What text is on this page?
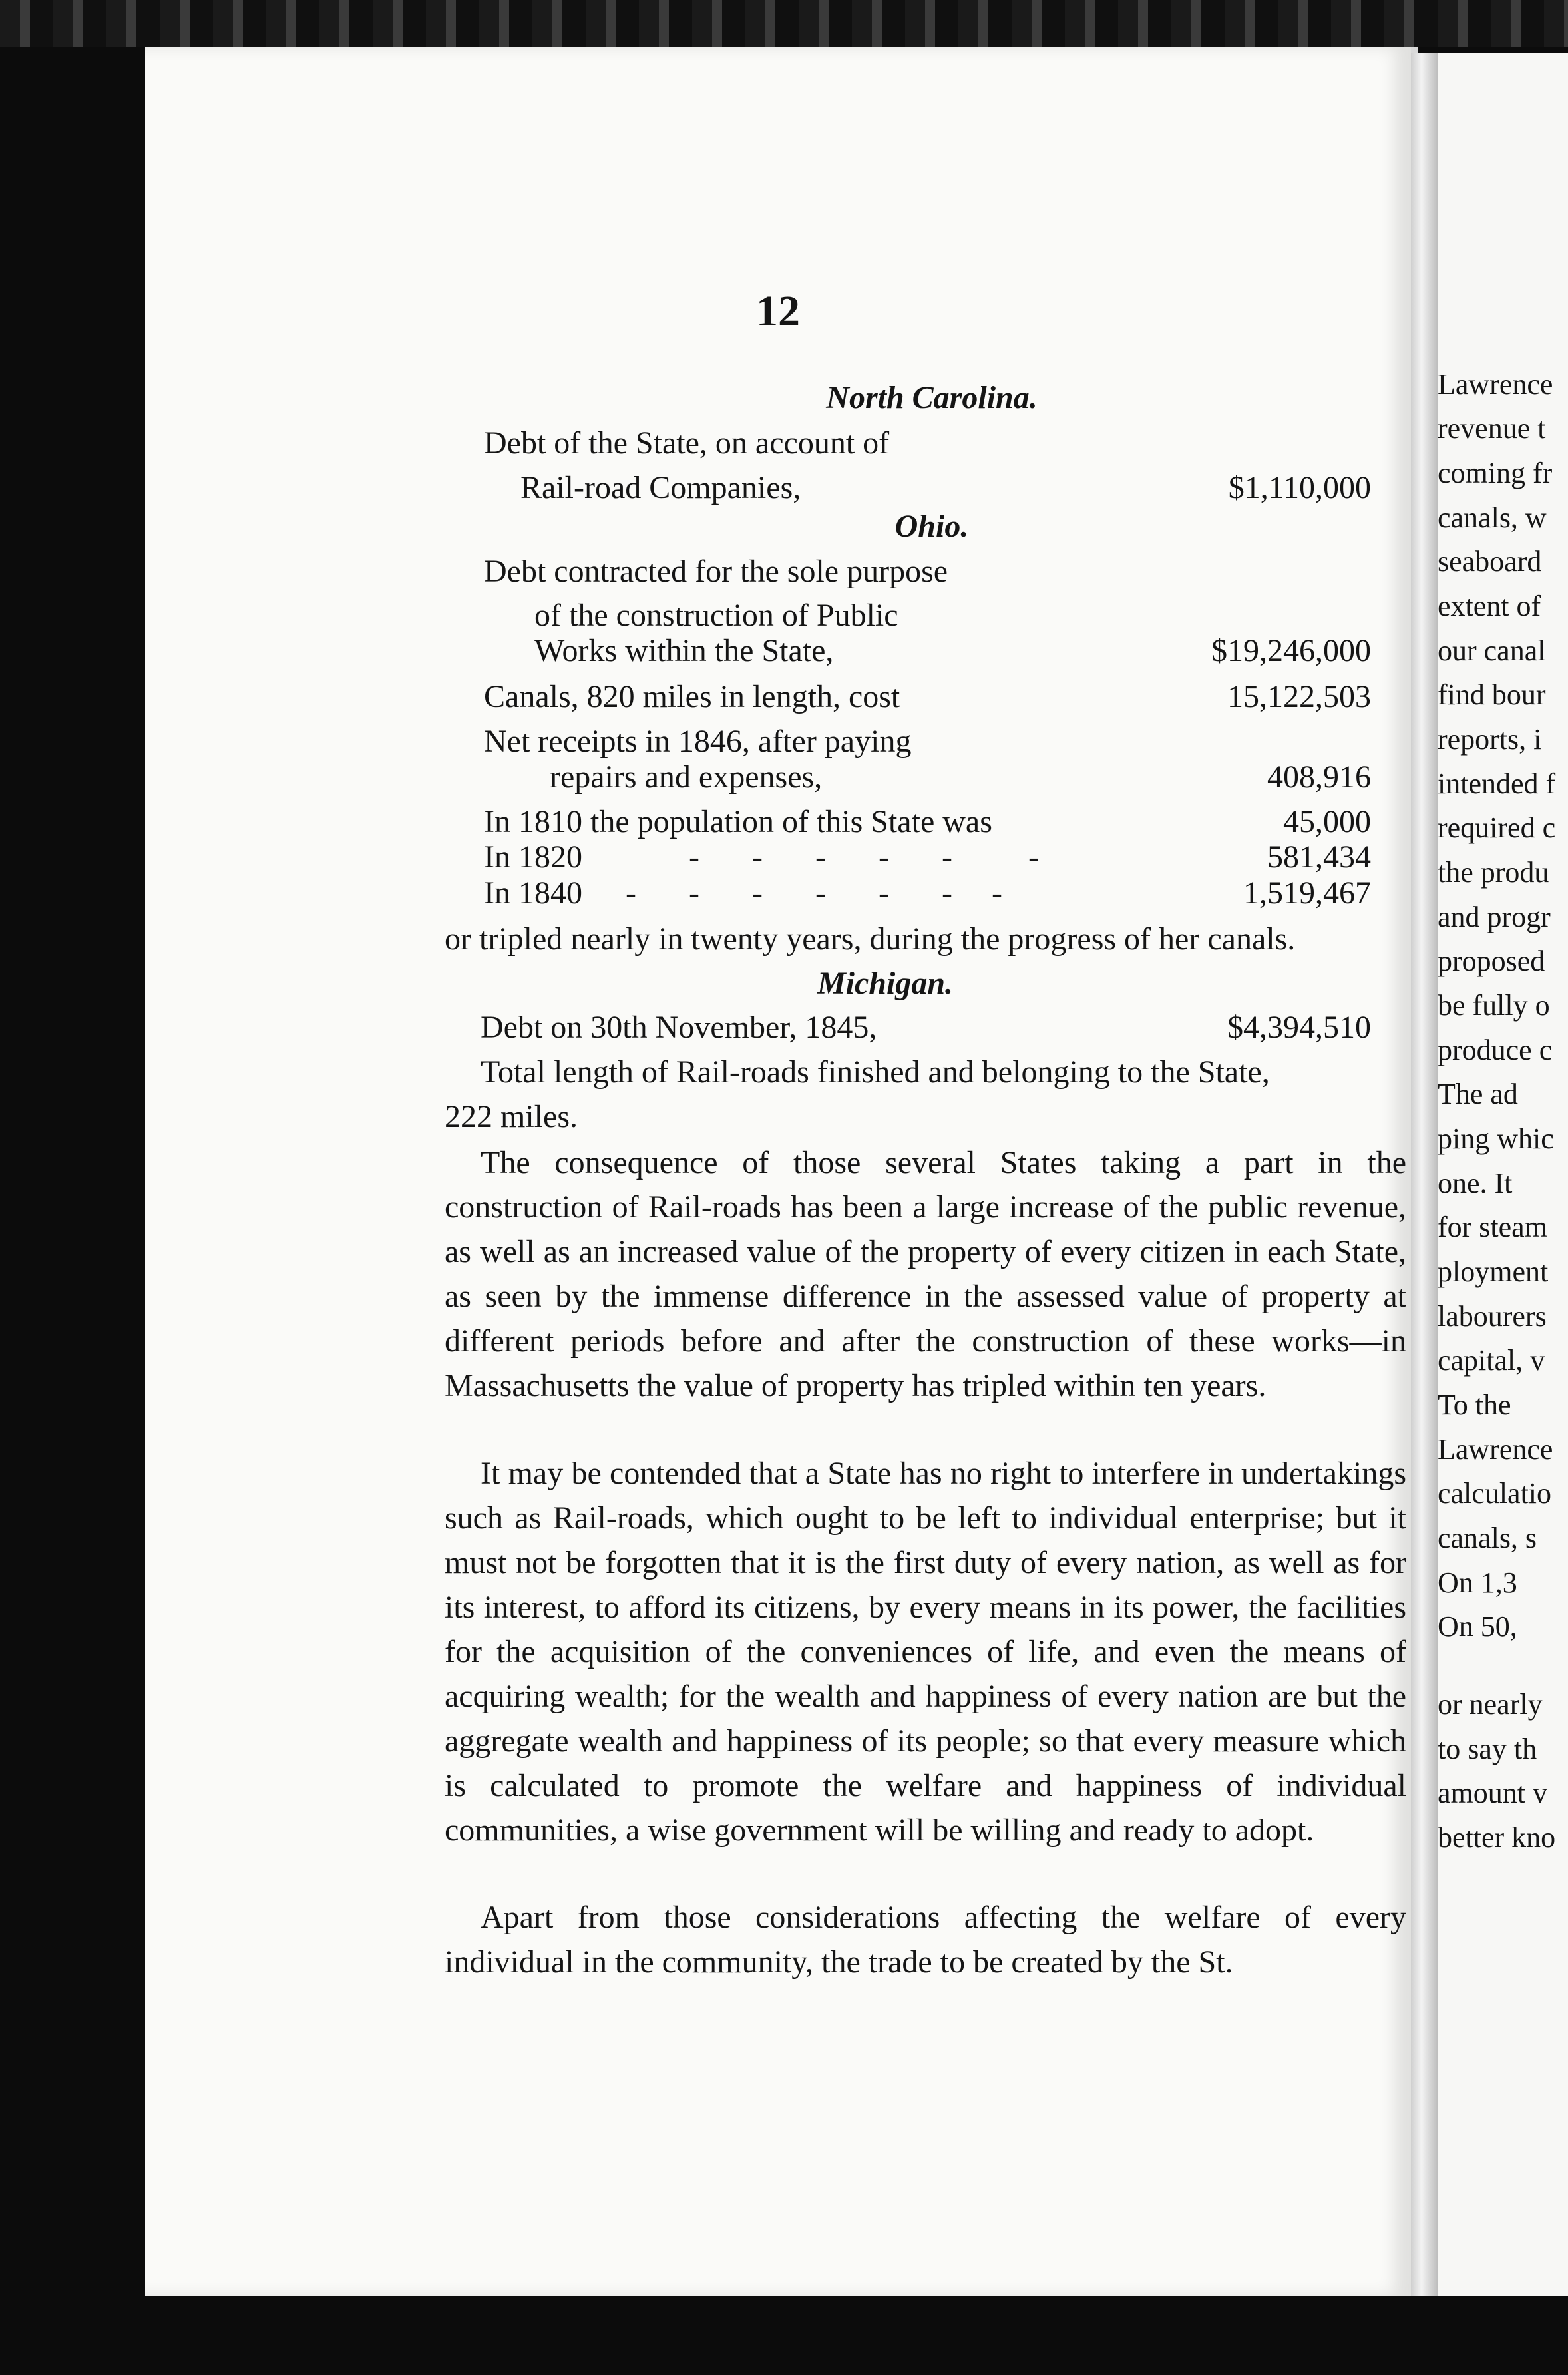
12
Lawrence
revenue t
coming fr
canals, w
seaboard
extent of
our canal
find bour
reports, i
intended f
required c
the produ
and progr
proposed
be fully o
produce c
The ad
ping whic
one. It
for steam
ployment
labourers
capital, v
To the
Lawrence
calculatio
canals, s
On 1,3
On 50,
or nearly
to say th
amount v
better kno
North Carolina.
Debt of the State, on account of
Rail-road Companies,	$1,110,000
Ohio.
Debt contracted for the sole purpose
of the construction of Public
Works within the State,	$19,246,000
Canals, 820 miles in length, cost	15,122,503
Net receipts in 1846, after paying
repairs and expenses,	408,916
In 1810 the population of this State was	45,000
In 1820	- - - - - -	581,434
In 1840 - - - - - - -	1,519,467
or tripled nearly in twenty years, during the progress of her canals.
Michigan.
Debt on 30th November, 1845,	$4,394,510
Total length of Rail-roads finished and belonging to the State,
222 miles.

The consequence of those several States taking a part in the construction of Rail-roads has been a large increase of the public revenue, as well as an increased value of the property of every citizen in each State, as seen by the immense difference in the assessed value of property at different periods before and after the construction of these works—in Massachusetts the value of property has tripled within ten years.

It may be contended that a State has no right to interfere in undertakings such as Rail-roads, which ought to be left to individual enterprise; but it must not be forgotten that it is the first duty of every nation, as well as for its interest, to afford its citizens, by every means in its power, the facilities for the acquisition of the conveniences of life, and even the means of acquiring wealth; for the wealth and happiness of every nation are but the aggregate wealth and happiness of its people; so that every measure which is calculated to promote the welfare and happiness of individual communities, a wise government will be willing and ready to adopt.

Apart from those considerations affecting the welfare of every individual in the community, the trade to be created by the St.
